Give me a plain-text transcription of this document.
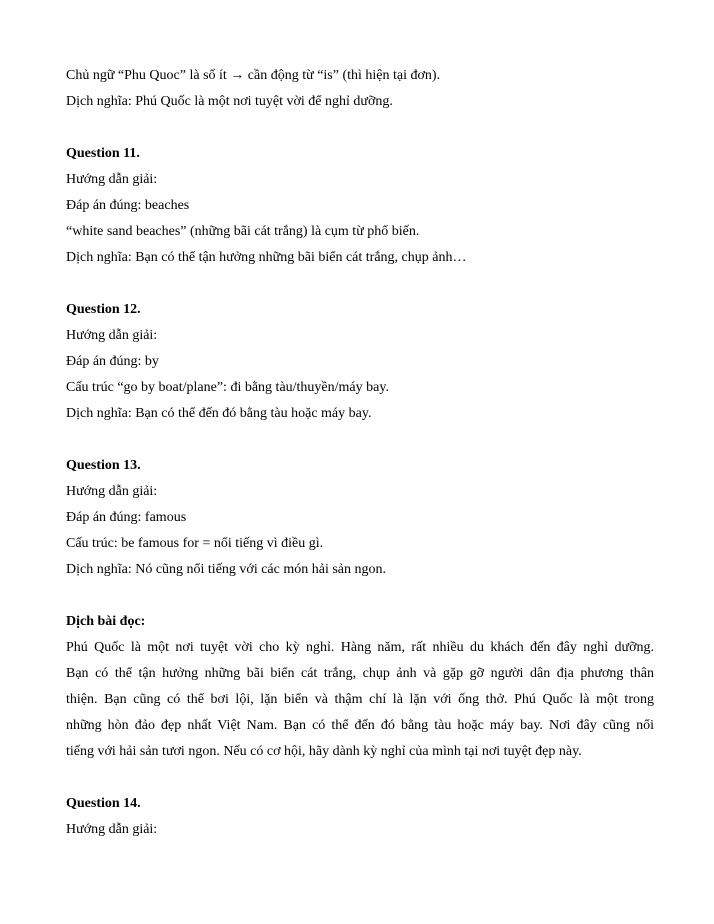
Chủ ngữ “Phu Quoc” là số ít → cần động từ “is” (thì hiện tại đơn).
Dịch nghĩa: Phú Quốc là một nơi tuyệt vời để nghỉ dưỡng.
Question 11.
Hướng dẫn giải:
Đáp án đúng: beaches
“white sand beaches” (những bãi cát trắng) là cụm từ phổ biến.
Dịch nghĩa: Bạn có thể tận hưởng những bãi biển cát trắng, chụp ảnh…
Question 12.
Hướng dẫn giải:
Đáp án đúng: by
Cấu trúc “go by boat/plane”: đi bằng tàu/thuyền/máy bay.
Dịch nghĩa: Bạn có thể đến đó bằng tàu hoặc máy bay.
Question 13.
Hướng dẫn giải:
Đáp án đúng: famous
Cấu trúc: be famous for = nổi tiếng vì điều gì.
Dịch nghĩa: Nó cũng nổi tiếng với các món hải sản ngon.
Dịch bài đọc:
Phú Quốc là một nơi tuyệt vời cho kỳ nghỉ. Hàng năm, rất nhiều du khách đến đây nghỉ dưỡng.
Bạn có thể tận hưởng những bãi biển cát trắng, chụp ảnh và gặp gỡ người dân địa phương thân
thiện. Bạn cũng có thể bơi lội, lặn biển và thậm chí là lặn với ống thở. Phú Quốc là một trong
những hòn đảo đẹp nhất Việt Nam. Bạn có thể đến đó bằng tàu hoặc máy bay. Nơi đây cũng nổi
tiếng với hải sản tươi ngon. Nếu có cơ hội, hãy dành kỳ nghỉ của mình tại nơi tuyệt đẹp này.
Question 14.
Hướng dẫn giải:
